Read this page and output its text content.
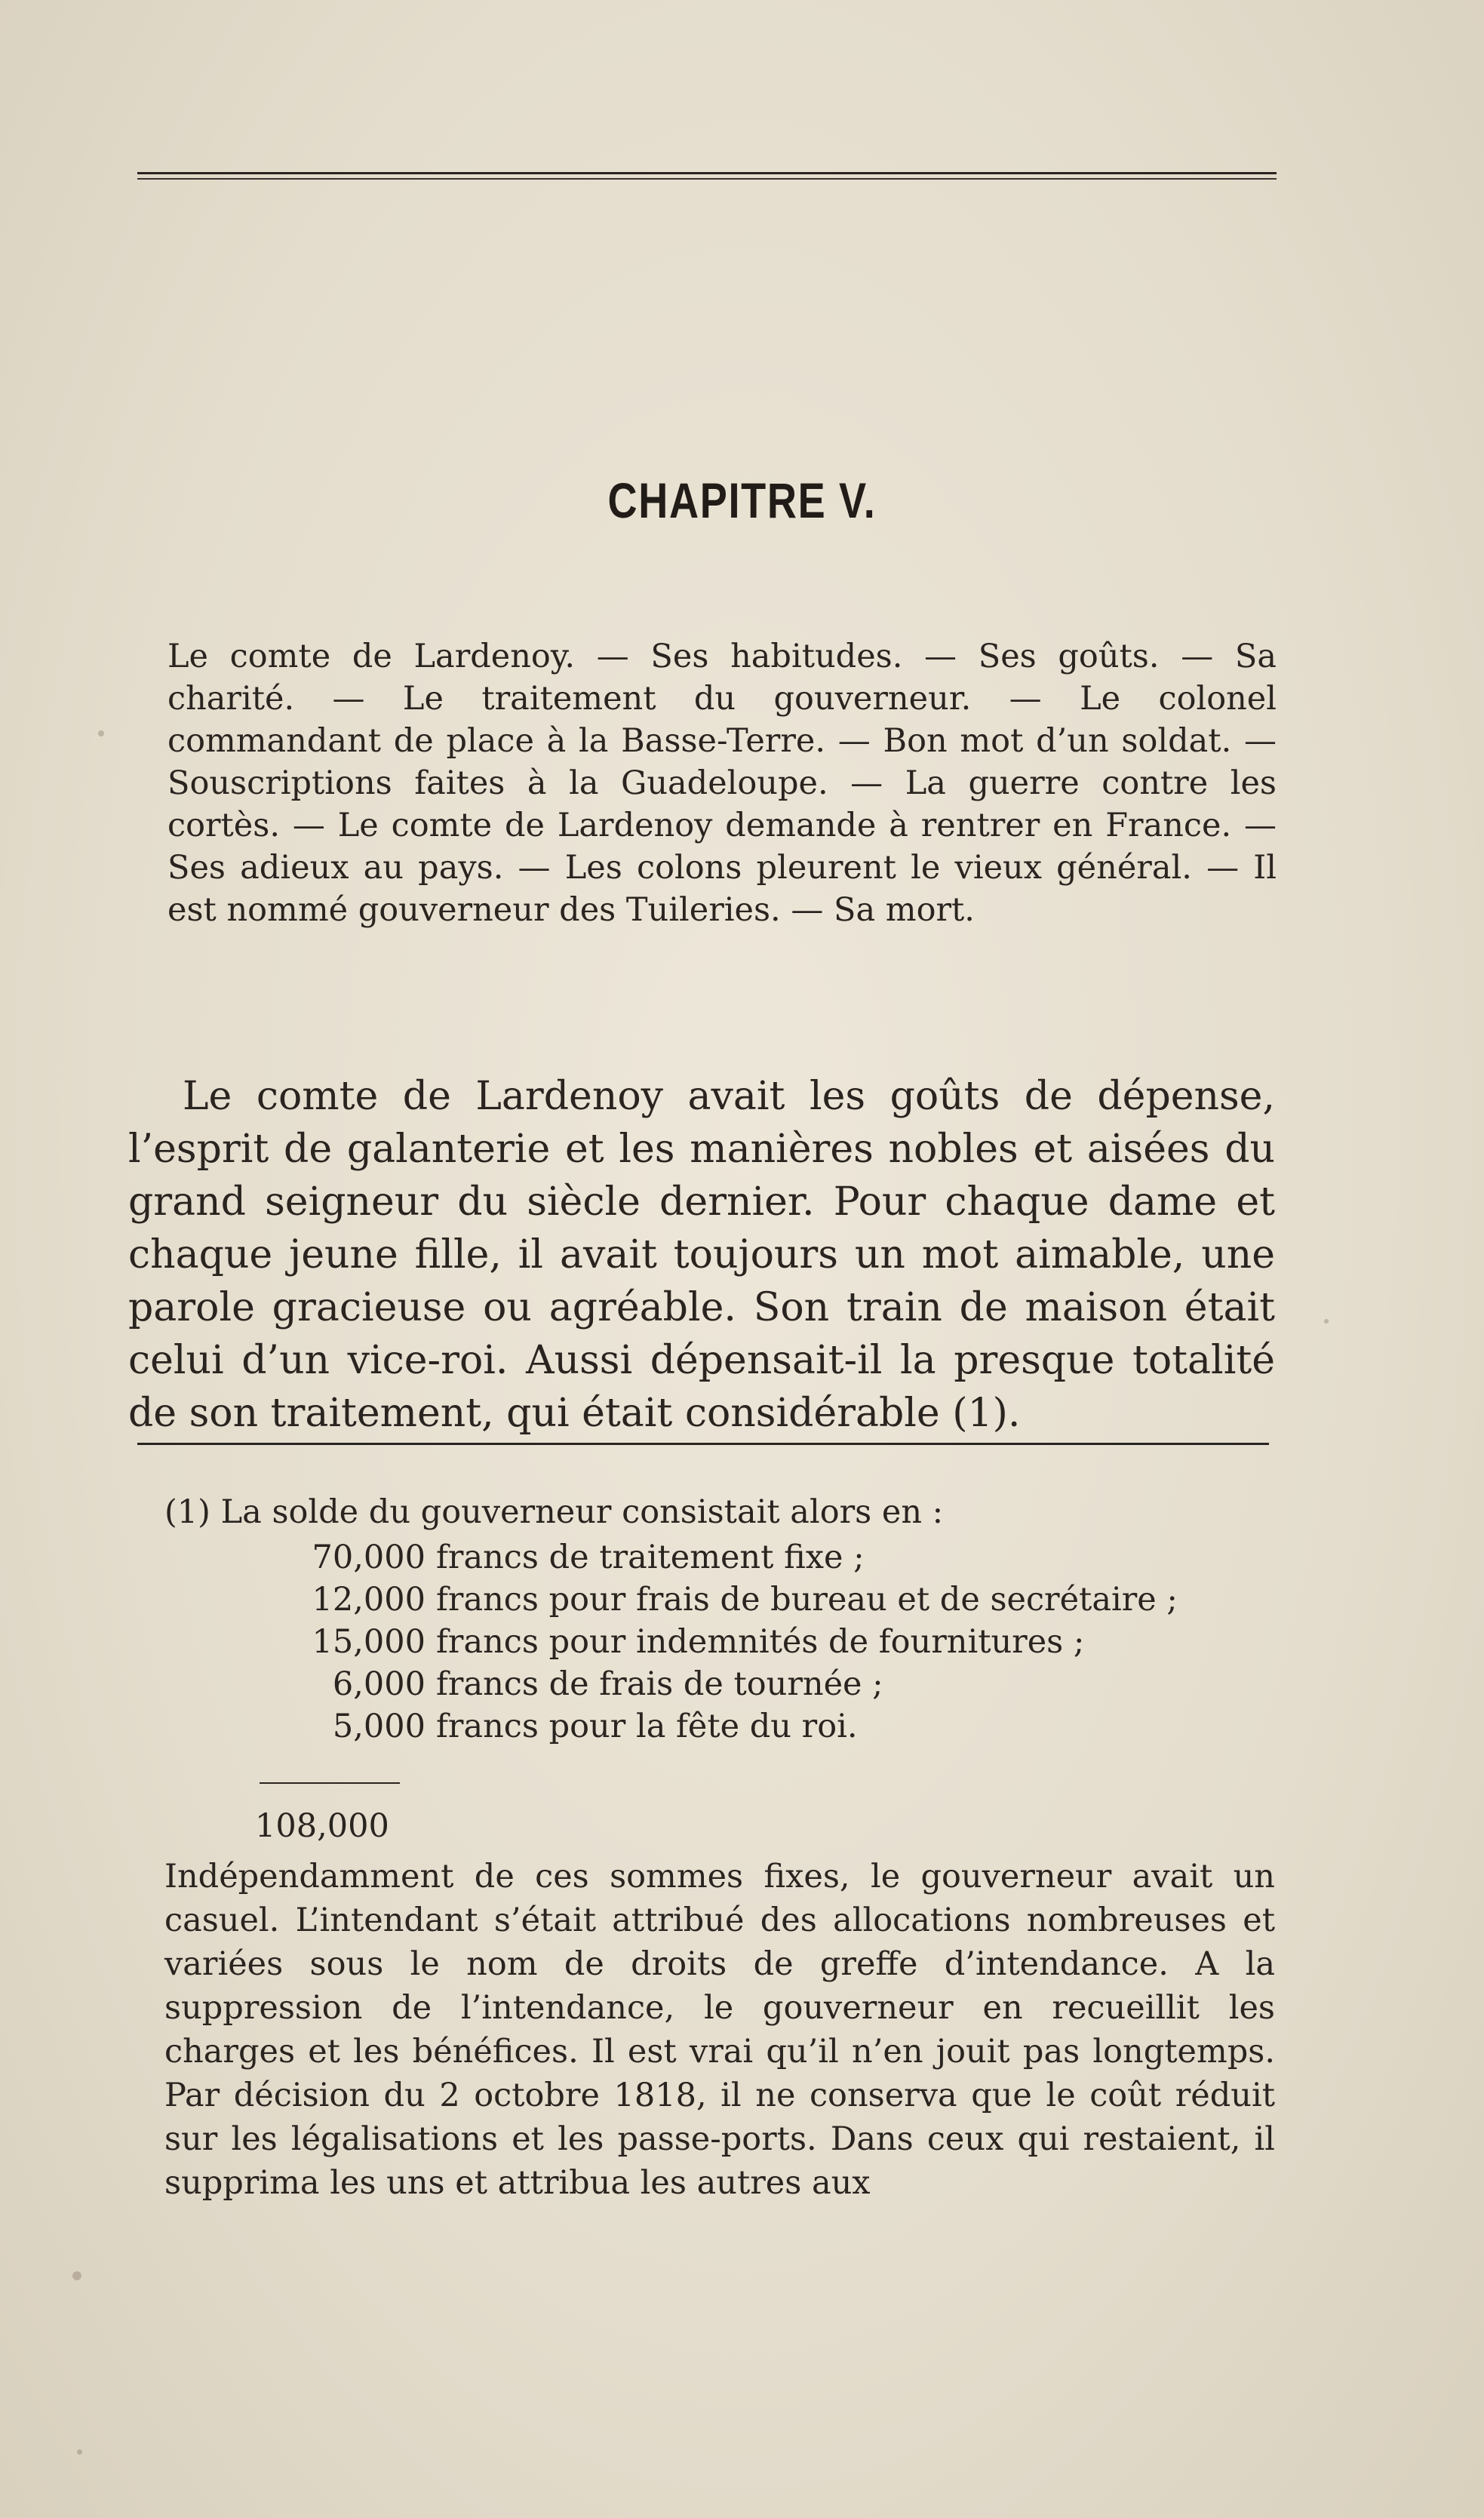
CHAPITRE V.
Le comte de Lardenoy. — Ses habitudes. — Ses goûts. — Sa charité. — Le traitement du gouverneur. — Le colonel commandant de place à la Basse-Terre. — Bon mot d’un soldat. — Souscriptions faites à la Guadeloupe. — La guerre contre les cortès. — Le comte de Lardenoy demande à rentrer en France. — Ses adieux au pays. — Les colons pleurent le vieux général. — Il est nommé gouverneur des Tuileries. — Sa mort.
Le comte de Lardenoy avait les goûts de dépense, l’esprit de galanterie et les manières nobles et aisées du grand seigneur du siècle dernier. Pour chaque dame et chaque jeune fille, il avait toujours un mot aimable, une parole gracieuse ou agréable. Son train de maison était celui d’un vice-roi. Aussi dépensait-il la presque totalité de son traitement, qui était considérable (1).
(1) La solde du gouverneur consistait alors en :
70,000 francs de traitement fixe ;
12,000 francs pour frais de bureau et de secrétaire ;
15,000 francs pour indemnités de fournitures ;
6,000 francs de frais de tournée ;
5,000 francs pour la fête du roi.
108,000
Indépendamment de ces sommes fixes, le gouverneur avait un casuel. L’intendant s’était attribué des allocations nombreuses et variées sous le nom de droits de greffe d’intendance. A la suppression de l’intendance, le gouverneur en recueillit les charges et les bénéfices. Il est vrai qu’il n’en jouit pas longtemps. Par décision du 2 octobre 1818, il ne conserva que le coût réduit sur les légalisations et les passe-ports. Dans ceux qui restaient, il supprima les uns et attribua les autres aux
